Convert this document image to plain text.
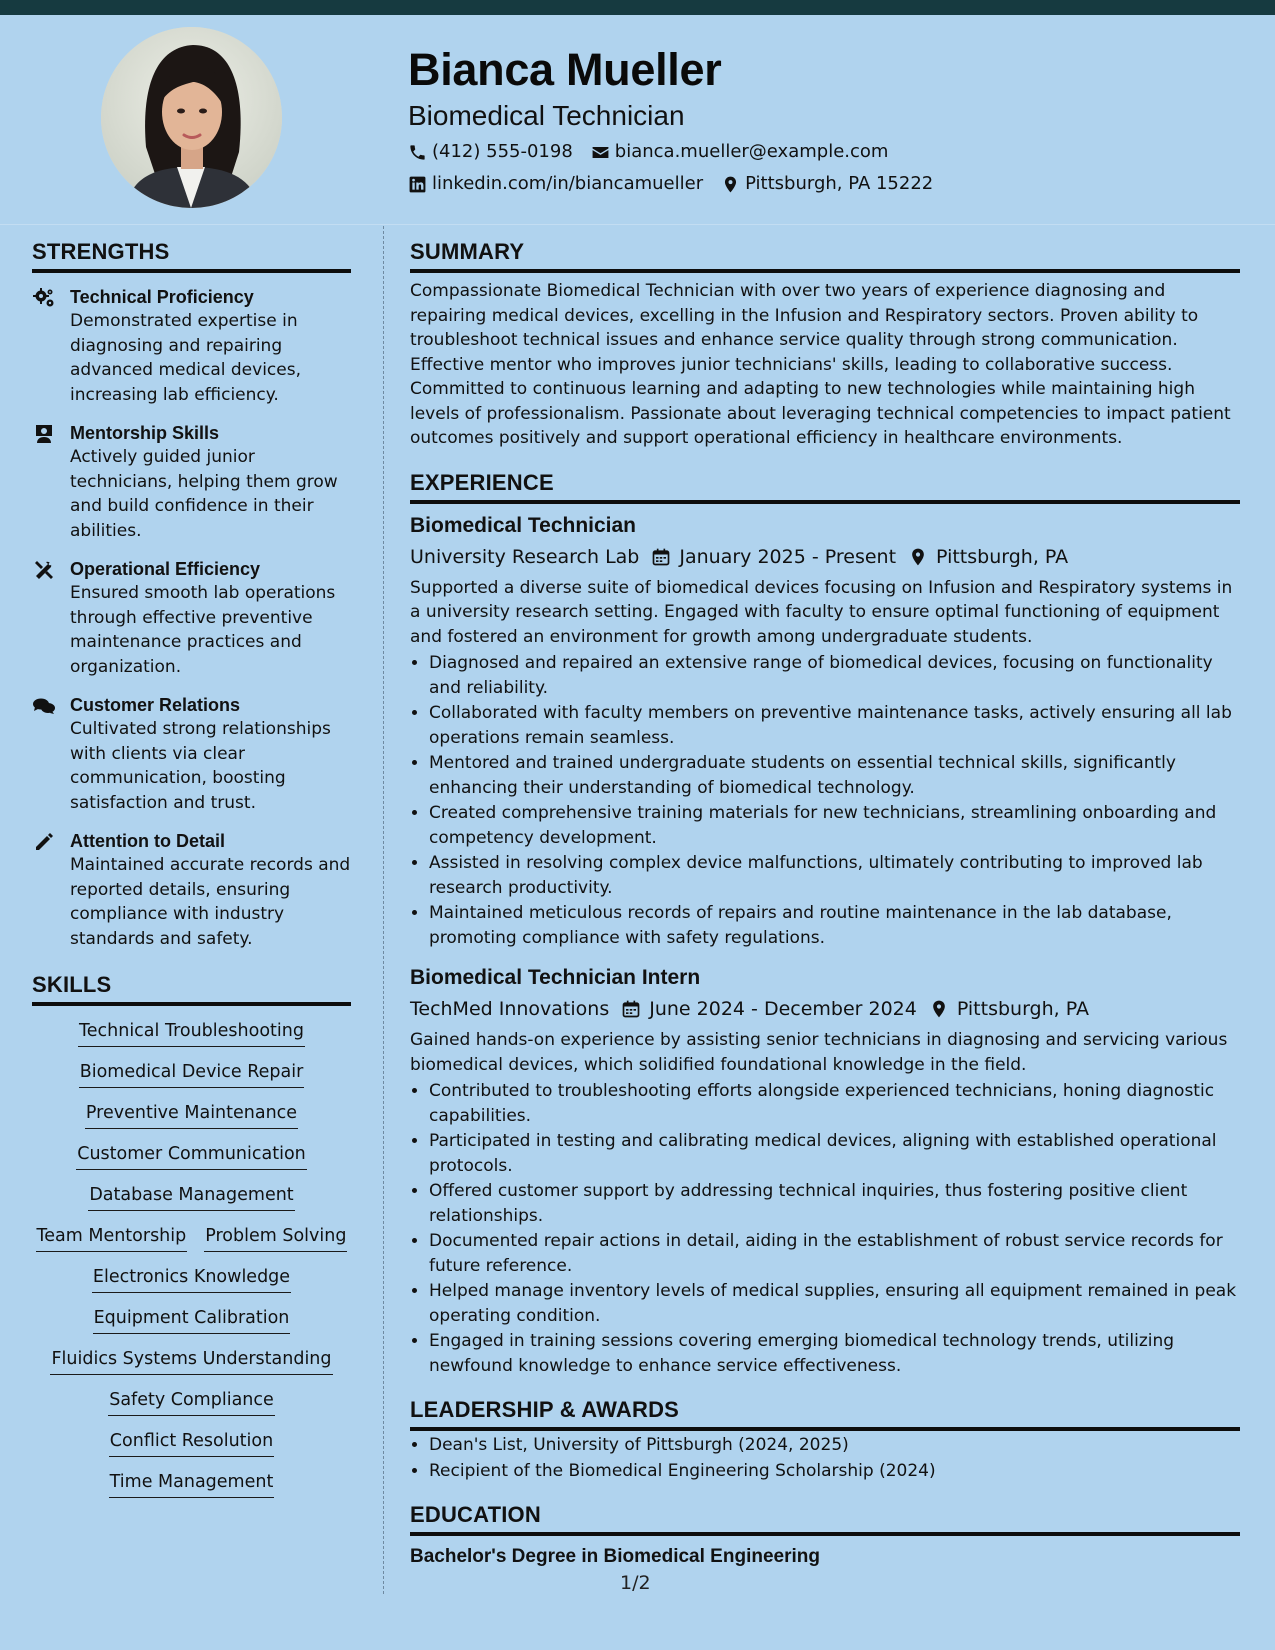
Bianca Mueller

Biomedical Technician

(412) 555-0198 bianca.mueller@example.com
linkedin.com/in/biancamueller Pittsburgh, PA 15222
STRENGTHS

Technical Proficiency

Demonstrated expertise in diagnosing and repairing advanced medical devices, increasing lab efficiency.

Mentorship Skills

Actively guided junior technicians, helping them grow and build confidence in their abilities.

Operational Efficiency

Ensured smooth lab operations through effective preventive maintenance practices and organization.

Customer Relations

Cultivated strong relationships with clients via clear communication, boosting satisfaction and trust.

Attention to Detail

Maintained accurate records and reported details, ensuring compliance with industry standards and safety.

SKILLS
Technical Troubleshooting
Biomedical Device Repair
Preventive Maintenance
Customer Communication
Database Management
Team Mentorship Problem Solving
Electronics Knowledge
Equipment Calibration
Fluidics Systems Understanding
Safety Compliance
Conflict Resolution
Time Management
SUMMARY

Compassionate Biomedical Technician with over two years of experience diagnosing and repairing medical devices, excelling in the Infusion and Respiratory sectors. Proven ability to troubleshoot technical issues and enhance service quality through strong communication. Effective mentor who improves junior technicians' skills, leading to collaborative success. Committed to continuous learning and adapting to new technologies while maintaining high levels of professionalism. Passionate about leveraging technical competencies to impact patient outcomes positively and support operational efficiency in healthcare environments.

EXPERIENCE

Biomedical Technician

University Research Lab January 2025 - Present Pittsburgh, PA

Supported a diverse suite of biomedical devices focusing on Infusion and Respiratory systems in a university research setting. Engaged with faculty to ensure optimal functioning of equipment and fostered an environment for growth among undergraduate students.

• Diagnosed and repaired an extensive range of biomedical devices, focusing on functionality and reliability.
• Collaborated with faculty members on preventive maintenance tasks, actively ensuring all lab operations remain seamless.
• Mentored and trained undergraduate students on essential technical skills, significantly enhancing their understanding of biomedical technology.
• Created comprehensive training materials for new technicians, streamlining onboarding and competency development.
• Assisted in resolving complex device malfunctions, ultimately contributing to improved lab research productivity.
• Maintained meticulous records of repairs and routine maintenance in the lab database, promoting compliance with safety regulations.

Biomedical Technician Intern

TechMed Innovations June 2024 - December 2024 Pittsburgh, PA

Gained hands-on experience by assisting senior technicians in diagnosing and servicing various biomedical devices, which solidified foundational knowledge in the field.

• Contributed to troubleshooting efforts alongside experienced technicians, honing diagnostic capabilities.
• Participated in testing and calibrating medical devices, aligning with established operational protocols.
• Offered customer support by addressing technical inquiries, thus fostering positive client relationships.
• Documented repair actions in detail, aiding in the establishment of robust service records for future reference.
• Helped manage inventory levels of medical supplies, ensuring all equipment remained in peak operating condition.
• Engaged in training sessions covering emerging biomedical technology trends, utilizing newfound knowledge to enhance service effectiveness.
LEADERSHIP & AWARDS
• Dean's List, University of Pittsburgh (2024, 2025)
• Recipient of the Biomedical Engineering Scholarship (2024)
EDUCATION

Bachelor's Degree in Biomedical Engineering

1/2
